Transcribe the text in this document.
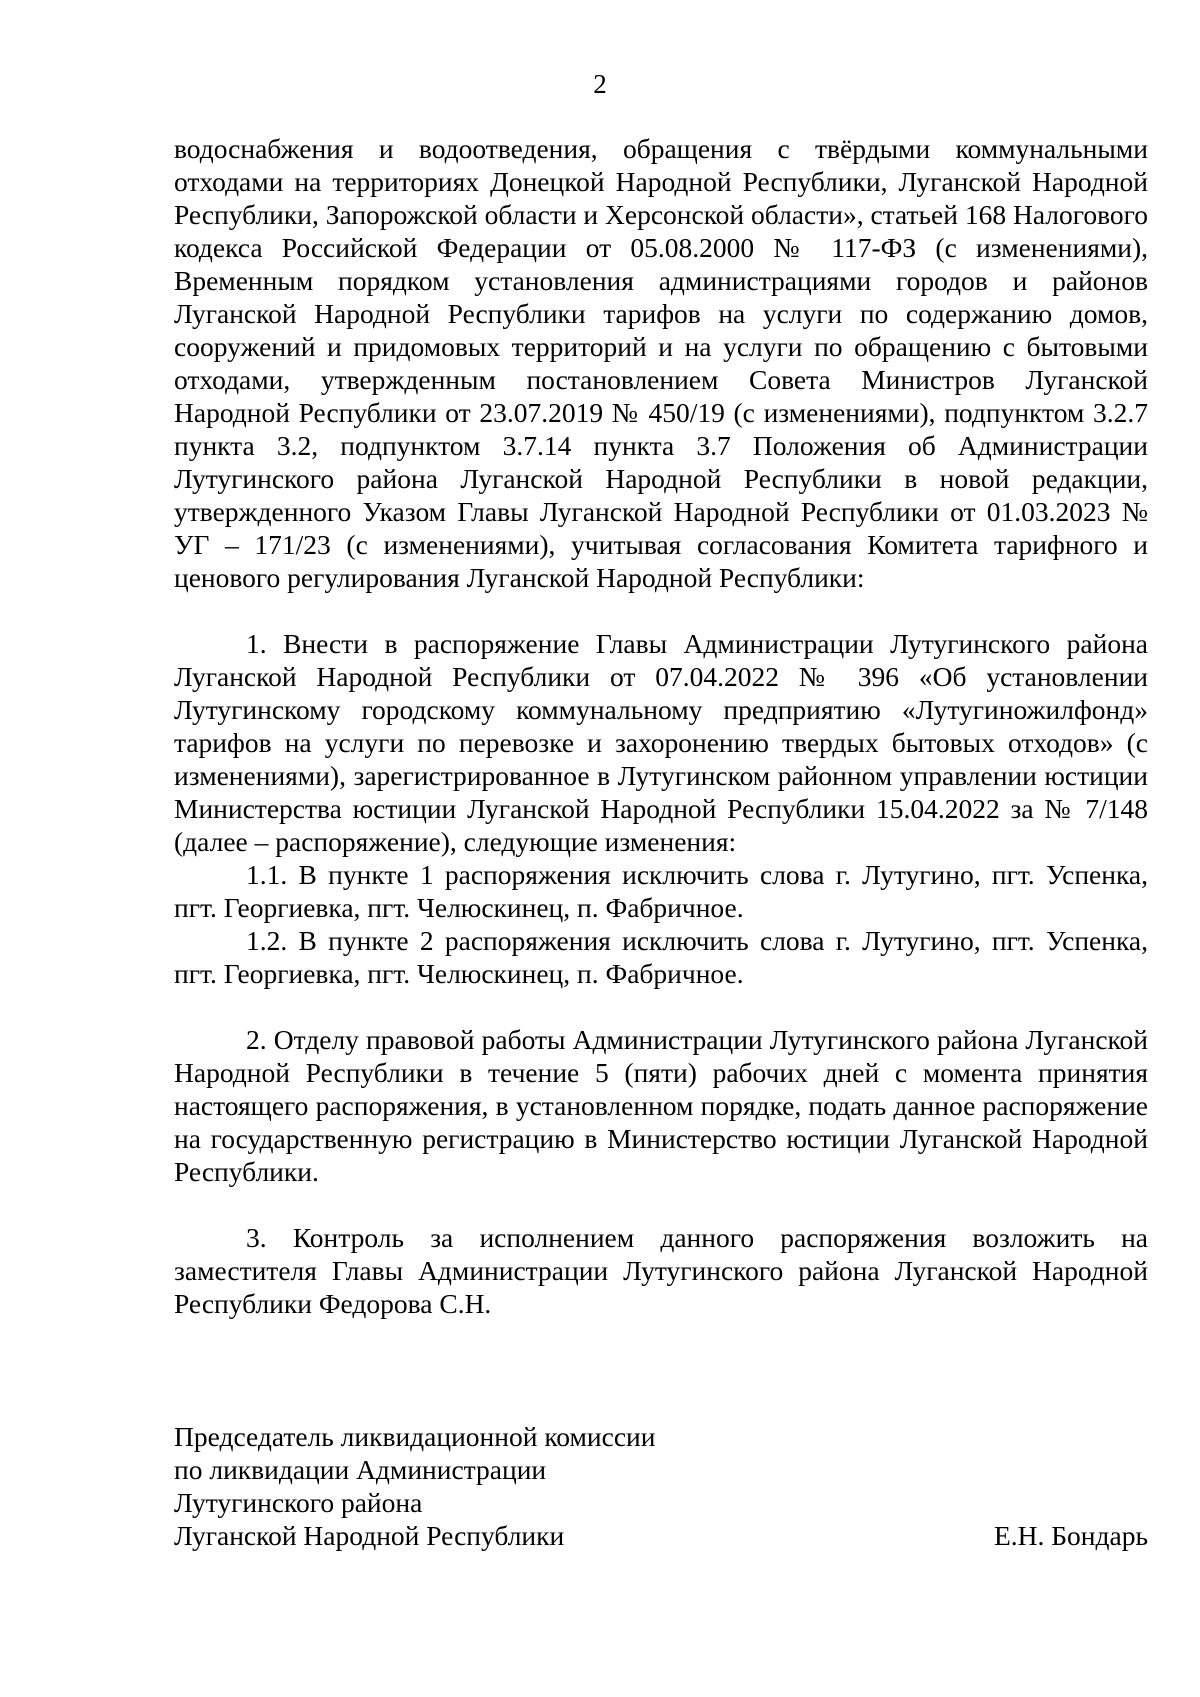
2

водоснабжения и водоотведения, обращения с твёрдыми коммунальными отходами на территориях Донецкой Народной Республики, Луганской Народной Республики, Запорожской области и Херсонской области», статьей 168 Налогового кодекса Российской Федерации от 05.08.2000 № 117-ФЗ (с изменениями), Временным порядком установления администрациями городов и районов Луганской Народной Республики тарифов на услуги по содержанию домов, сооружений и придомовых территорий и на услуги по обращению с бытовыми отходами, утвержденным постановлением Совета Министров Луганской Народной Республики от 23.07.2019 № 450/19 (с изменениями), подпунктом 3.2.7 пункта 3.2, подпунктом 3.7.14 пункта 3.7 Положения об Администрации Лутугинского района Луганской Народной Республики в новой редакции, утвержденного Указом Главы Луганской Народной Республики от 01.03.2023 № УГ – 171/23 (с изменениями), учитывая согласования Комитета тарифного и ценового регулирования Луганской Народной Республики:

1. Внести в распоряжение Главы Администрации Лутугинского района Луганской Народной Республики от 07.04.2022 № 396 «Об установлении Лутугинскому городскому коммунальному предприятию «Лутугиножилфонд» тарифов на услуги по перевозке и захоронению твердых бытовых отходов» (с изменениями), зарегистрированное в Лутугинском районном управлении юстиции Министерства юстиции Луганской Народной Республики 15.04.2022 за № 7/148 (далее – распоряжение), следующие изменения:

1.1. В пункте 1 распоряжения исключить слова г. Лутугино, пгт. Успенка, пгт. Георгиевка, пгт. Челюскинец, п. Фабричное.

1.2. В пункте 2 распоряжения исключить слова г. Лутугино, пгт. Успенка, пгт. Георгиевка, пгт. Челюскинец, п. Фабричное.

2. Отделу правовой работы Администрации Лутугинского района Луганской Народной Республики в течение 5 (пяти) рабочих дней с момента принятия настоящего распоряжения, в установленном порядке, подать данное распоряжение на государственную регистрацию в Министерство юстиции Луганской Народной Республики.

3. Контроль за исполнением данного распоряжения возложить на заместителя Главы Администрации Лутугинского района Луганской Народной Республики Федорова С.Н.

Председатель ликвидационной комиссии
по ликвидации Администрации
Лутугинского района
Луганской Народной Республики	Е.Н. Бондарь
